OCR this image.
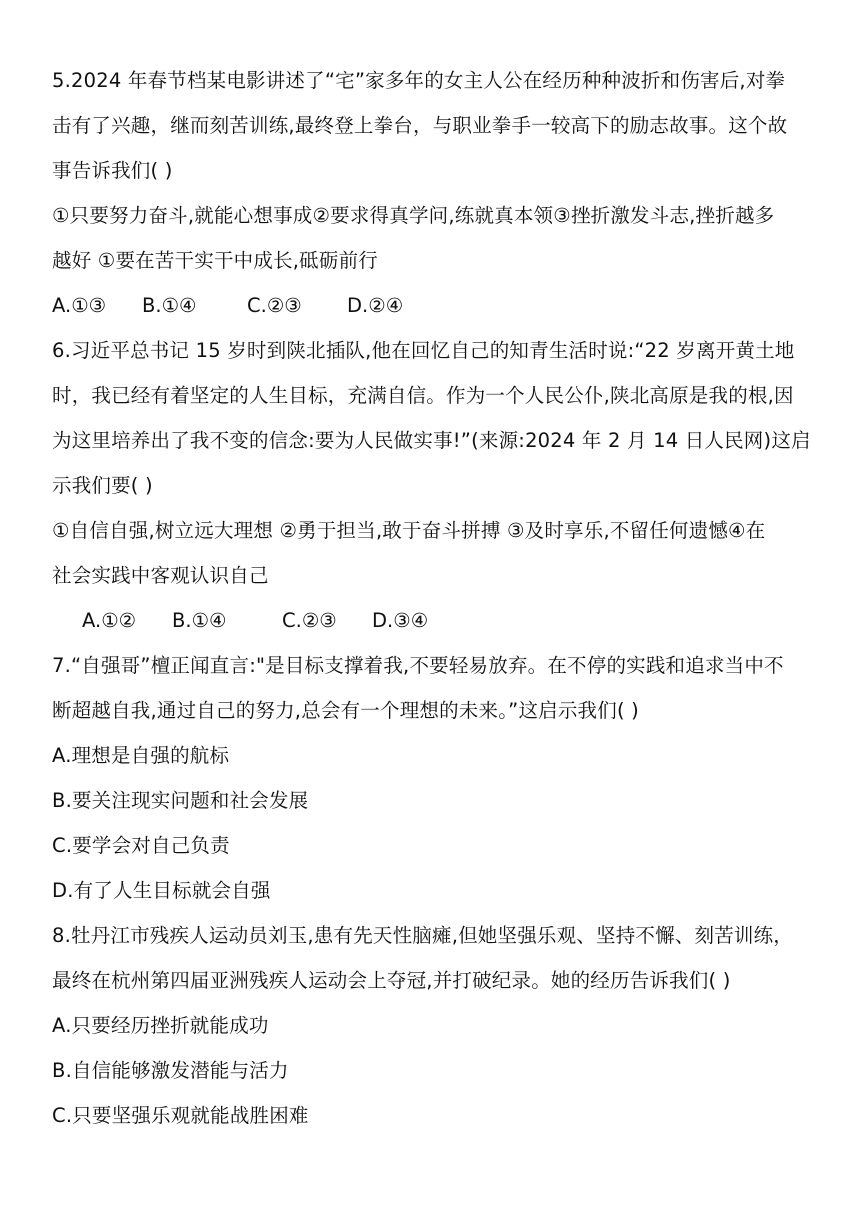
5.2024 年春节档某电影讲述了“宅”家多年的女主人公在经历种种波折和伤害后,对拳
击有了兴趣，继而刻苦训练,最终登上拳台，与职业拳手一较高下的励志故事。这个故
事告诉我们( )
①只要努力奋斗,就能心想事成②要求得真学问,练就真本领③挫折激发斗志,挫折越多
越好 ①要在苦干实干中成长,砥砺前行
A.①③ B.①④	C.②③ D.②④
6.习近平总书记 15 岁时到陕北插队,他在回忆自己的知青生活时说:“22 岁离开黄土地
时，我已经有着坚定的人生目标，充满自信。作为一个人民公仆,陕北高原是我的根,因
为这里培养出了我不变的信念:要为人民做实事!”(来源:2024 年 2 月 14 日人民网)这启
示我们要( )
①自信自强,树立远大理想 ②勇于担当,敢于奋斗拼搏 ③及时享乐,不留任何遗憾④在
社会实践中客观认识自己
A.①② B.①④	C.②③ D.③④
7.“自强哥”檀正闻直言:"是目标支撑着我,不要轻易放弃。在不停的实践和追求当中不
断超越自我,通过自己的努力,总会有一个理想的未来。”这启示我们( )
A.理想是自强的航标
B.要关注现实问题和社会发展
C.要学会对自己负责
D.有了人生目标就会自强
8.牡丹江市残疾人运动员刘玉,患有先天性脑瘫,但她坚强乐观、坚持不懈、刻苦训练，
最终在杭州第四届亚洲残疾人运动会上夺冠,并打破纪录。她的经历告诉我们( )
A.只要经历挫折就能成功
B.自信能够激发潜能与活力
C.只要坚强乐观就能战胜困难
